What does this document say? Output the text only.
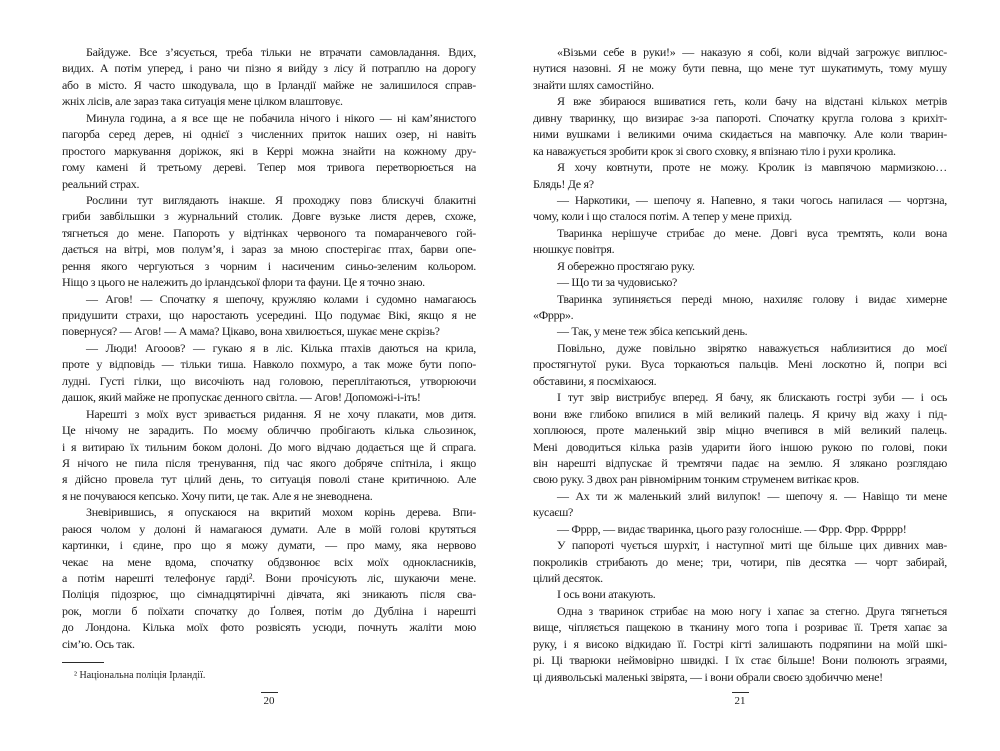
Байдуже. Все з’ясується, треба тільки не втрачати самовладання. Вдих,
видих. А потім уперед, і рано чи пізно я вийду з лісу й потраплю на дорогу
або в місто. Я часто шкодувала, що в Ірландії майже не залишилося справ-
жніх лісів, але зараз така ситуація мене цілком влаштовує.
Минула година, а я все ще не побачила нічого і нікого — ні кам’янистого
пагорба серед дерев, ні однієї з численних приток наших озер, ні навіть
простого маркування доріжок, які в Керрі можна знайти на кожному дру-
гому камені й третьому дереві. Тепер моя тривога перетворюється на
реальний страх.
Рослини тут виглядають інакше. Я проходжу повз блискучі блакитні
гриби завбільшки з журнальний столик. Довге вузьке листя дерев, схоже,
тягнеться до мене. Папороть у відтінках червоного та помаранчевого гой-
дається на вітрі, мов полум’я, і зараз за мною спостерігає птах, барви опе-
рення якого чергуються з чорним і насиченим синьо-зеленим кольором.
Ніщо з цього не належить до ірландської флори та фауни. Це я точно знаю.
— Агов! — Спочатку я шепочу, кружляю колами і судомно намагаюсь
придушити страхи, що наростають усередині. Що подумає Вікі, якщо я не
повернуся? — Агов! — А мама? Цікаво, вона хвилюється, шукає мене скрізь?
— Люди! Агооов? — гукаю я в ліс. Кілька птахів даються на крила,
проте у відповідь — тільки тиша. Навколо похмуро, а так може бути попо-
лудні. Густі гілки, що височіють над головою, переплітаються, утворюючи
дашок, який майже не пропускає денного світла. — Агов! Допоможі-і-іть!
Нарешті з моїх вуст зривається ридання. Я не хочу плакати, мов дитя.
Це нічому не зарадить. По моєму обличчю пробігають кілька сльозинок,
і я витираю їх тильним боком долоні. До мого відчаю додається ще й спрага.
Я нічого не пила після тренування, під час якого добряче спітніла, і якщо
я дійсно провела тут цілий день, то ситуація поволі стане критичною. Але
я не почуваюся кепсько. Хочу пити, це так. Але я не зневоднена.
Зневірившись, я опускаюся на вкритий мохом корінь дерева. Впи-
раюся чолом у долоні й намагаюся думати. Але в моїй голові крутяться
картинки, і єдине, про що я можу думати, — про маму, яка нервово
чекає на мене вдома, спочатку обдзвонює всіх моїх однокласників,
а потім нарешті телефонує ґарді². Вони прочісують ліс, шукаючи мене.
Поліція підозрює, що сімнадцятирічні дівчата, які зникають після сва-
рок, могли б поїхати спочатку до Ґолвея, потім до Дубліна і нарешті
до Лондона. Кілька моїх фото розвісять усюди, почнуть жаліти мою
сім’ю. Ось так.
«Візьми себе в руки!» — наказую я собі, коли відчай загрожує виплюс-
нутися назовні. Я не можу бути певна, що мене тут шукатимуть, тому мушу
знайти шлях самостійно.
Я вже збираюся вшиватися геть, коли бачу на відстані кількох метрів
дивну тваринку, що визирає з-за папороті. Спочатку кругла голова з крихіт-
ними вушками і великими очима скидається на мавпочку. Але коли тварин-
ка наважується зробити крок зі свого сховку, я впізнаю тіло і рухи кролика.
Я хочу ковтнути, проте не можу. Кролик із мавпячою мармизкою…
Блядь! Де я?
— Наркотики, — шепочу я. Напевно, я таки чогось напилася — чортзна,
чому, коли і що сталося потім. А тепер у мене прихід.
Тваринка нерішуче стрибає до мене. Довгі вуса тремтять, коли вона
нюшкує повітря.
Я обережно простягаю руку.
— Що ти за чудовисько?
Тваринка зупиняється переді мною, нахиляє голову і видає химерне
«Фррр».
— Так, у мене теж збіса кепський день.
Повільно, дуже повільно звірятко наважується наблизитися до моєї
простягнутої руки. Вуса торкаються пальців. Мені лоскотно й, попри всі
обставини, я посміхаюся.
І тут звір вистрибує вперед. Я бачу, як блискають гострі зуби — і ось
вони вже глибоко впилися в мій великий палець. Я кричу від жаху і під-
хоплююся, проте маленький звір міцно вчепився в мій великий палець.
Мені доводиться кілька разів ударити його іншою рукою по голові, поки
він нарешті відпускає й тремтячи падає на землю. Я злякано розглядаю
свою руку. З двох ран рівномірним тонким струменем витікає кров.
— Ах ти ж маленький злий вилупок! — шепочу я. — Навіщо ти мене
кусаєш?
— Фррр, — видає тваринка, цього разу голосніше. — Фрр. Фрр. Фрррр!
У папороті чується шурхіт, і наступної миті ще більше цих дивних мав-
покроликів стрибають до мене; три, чотири, пів десятка — чорт забирай,
цілий десяток.
І ось вони атакують.
Одна з тваринок стрибає на мою ногу і хапає за стегно. Друга тягнеться
вище, чіпляється пащекою в тканину мого топа і розриває її. Третя хапає за
руку, і я високо відкидаю її. Гострі кігті залишають подряпини на моїй шкі-
рі. Ці тварюки неймовірно швидкі. І їх стає більше! Вони полюють зграями,
ці диявольські маленькі звірята, — і вони обрали своєю здобиччю мене!
² Національна поліція Ірландії.
20	21
